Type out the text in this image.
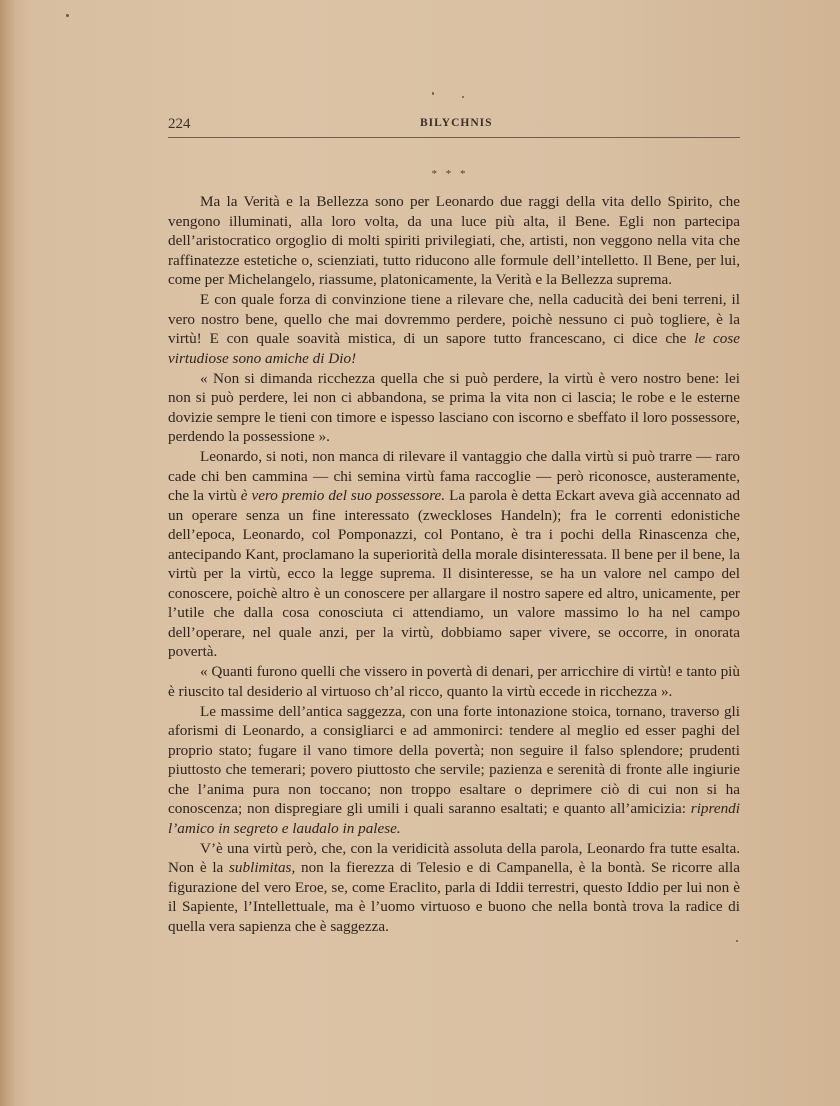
224	BILYCHNIS
* * *

Ma la Verità e la Bellezza sono per Leonardo due raggi della vita dello Spirito, che vengono illuminati, alla loro volta, da una luce più alta, il Bene. Egli non partecipa dell’aristocratico orgoglio di molti spiriti privilegiati, che, artisti, non veggono nella vita che raffinatezze estetiche o, scienziati, tutto riducono alle formule dell’intelletto. Il Bene, per lui, come per Michelangelo, riassume, platonicamente, la Verità e la Bellezza suprema.

E con quale forza di convinzione tiene a rilevare che, nella caducità dei beni terreni, il vero nostro bene, quello che mai dovremmo perdere, poichè nessuno ci può togliere, è la virtù! E con quale soavità mistica, di un sapore tutto francescano, ci dice che le cose virtudiose sono amiche di Dio!

« Non si dimanda ricchezza quella che si può perdere, la virtù è vero nostro bene: lei non si può perdere, lei non ci abbandona, se prima la vita non ci lascia; le robe e le esterne dovizie sempre le tieni con timore e ispesso lasciano con iscorno e sbeffato il loro possessore, perdendo la possessione ».

Leonardo, si noti, non manca di rilevare il vantaggio che dalla virtù si può trarre — raro cade chi ben cammina — chi semina virtù fama raccoglie — però riconosce, austeramente, che la virtù è vero premio del suo possessore. La parola è detta Eckart aveva già accennato ad un operare senza un fine interessato (zweckloses Handeln); fra le correnti edonistiche dell’epoca, Leonardo, col Pomponazzi, col Pontano, è tra i pochi della Rinascenza che, antecipando Kant, proclamano la superiorità della morale disinteressata. Il bene per il bene, la virtù per la virtù, ecco la legge suprema. Il disinteresse, se ha un valore nel campo del conoscere, poichè altro è un conoscere per allargare il nostro sapere ed altro, unicamente, per l’utile che dalla cosa conosciuta ci attendiamo, un valore massimo lo ha nel campo dell’operare, nel quale anzi, per la virtù, dobbiamo saper vivere, se occorre, in onorata povertà.

« Quanti furono quelli che vissero in povertà di denari, per arricchire di virtù! e tanto più è riuscito tal desiderio al virtuoso ch’al ricco, quanto la virtù eccede in ricchezza ».

Le massime dell’antica saggezza, con una forte intonazione stoica, tornano, traverso gli aforismi di Leonardo, a consigliarci e ad ammonirci: tendere al meglio ed esser paghi del proprio stato; fugare il vano timore della povertà; non seguire il falso splendore; prudenti piuttosto che temerari; povero piuttosto che servile; pazienza e serenità di fronte alle ingiurie che l’anima pura non toccano; non troppo esaltare o deprimere ciò di cui non si ha conoscenza; non dispregiare gli umili i quali saranno esaltati; e quanto all’amicizia: riprendi l’amico in segreto e laudalo in palese.

V’è una virtù però, che, con la veridicità assoluta della parola, Leonardo fra tutte esalta. Non è la sublimitas, non la fierezza di Telesio e di Campanella, è la bontà. Se ricorre alla figurazione del vero Eroe, se, come Eraclito, parla di Iddii terrestri, questo Iddio per lui non è il Sapiente, l’Intellettuale, ma è l’uomo virtuoso e buono che nella bontà trova la radice di quella vera sapienza che è saggezza.
